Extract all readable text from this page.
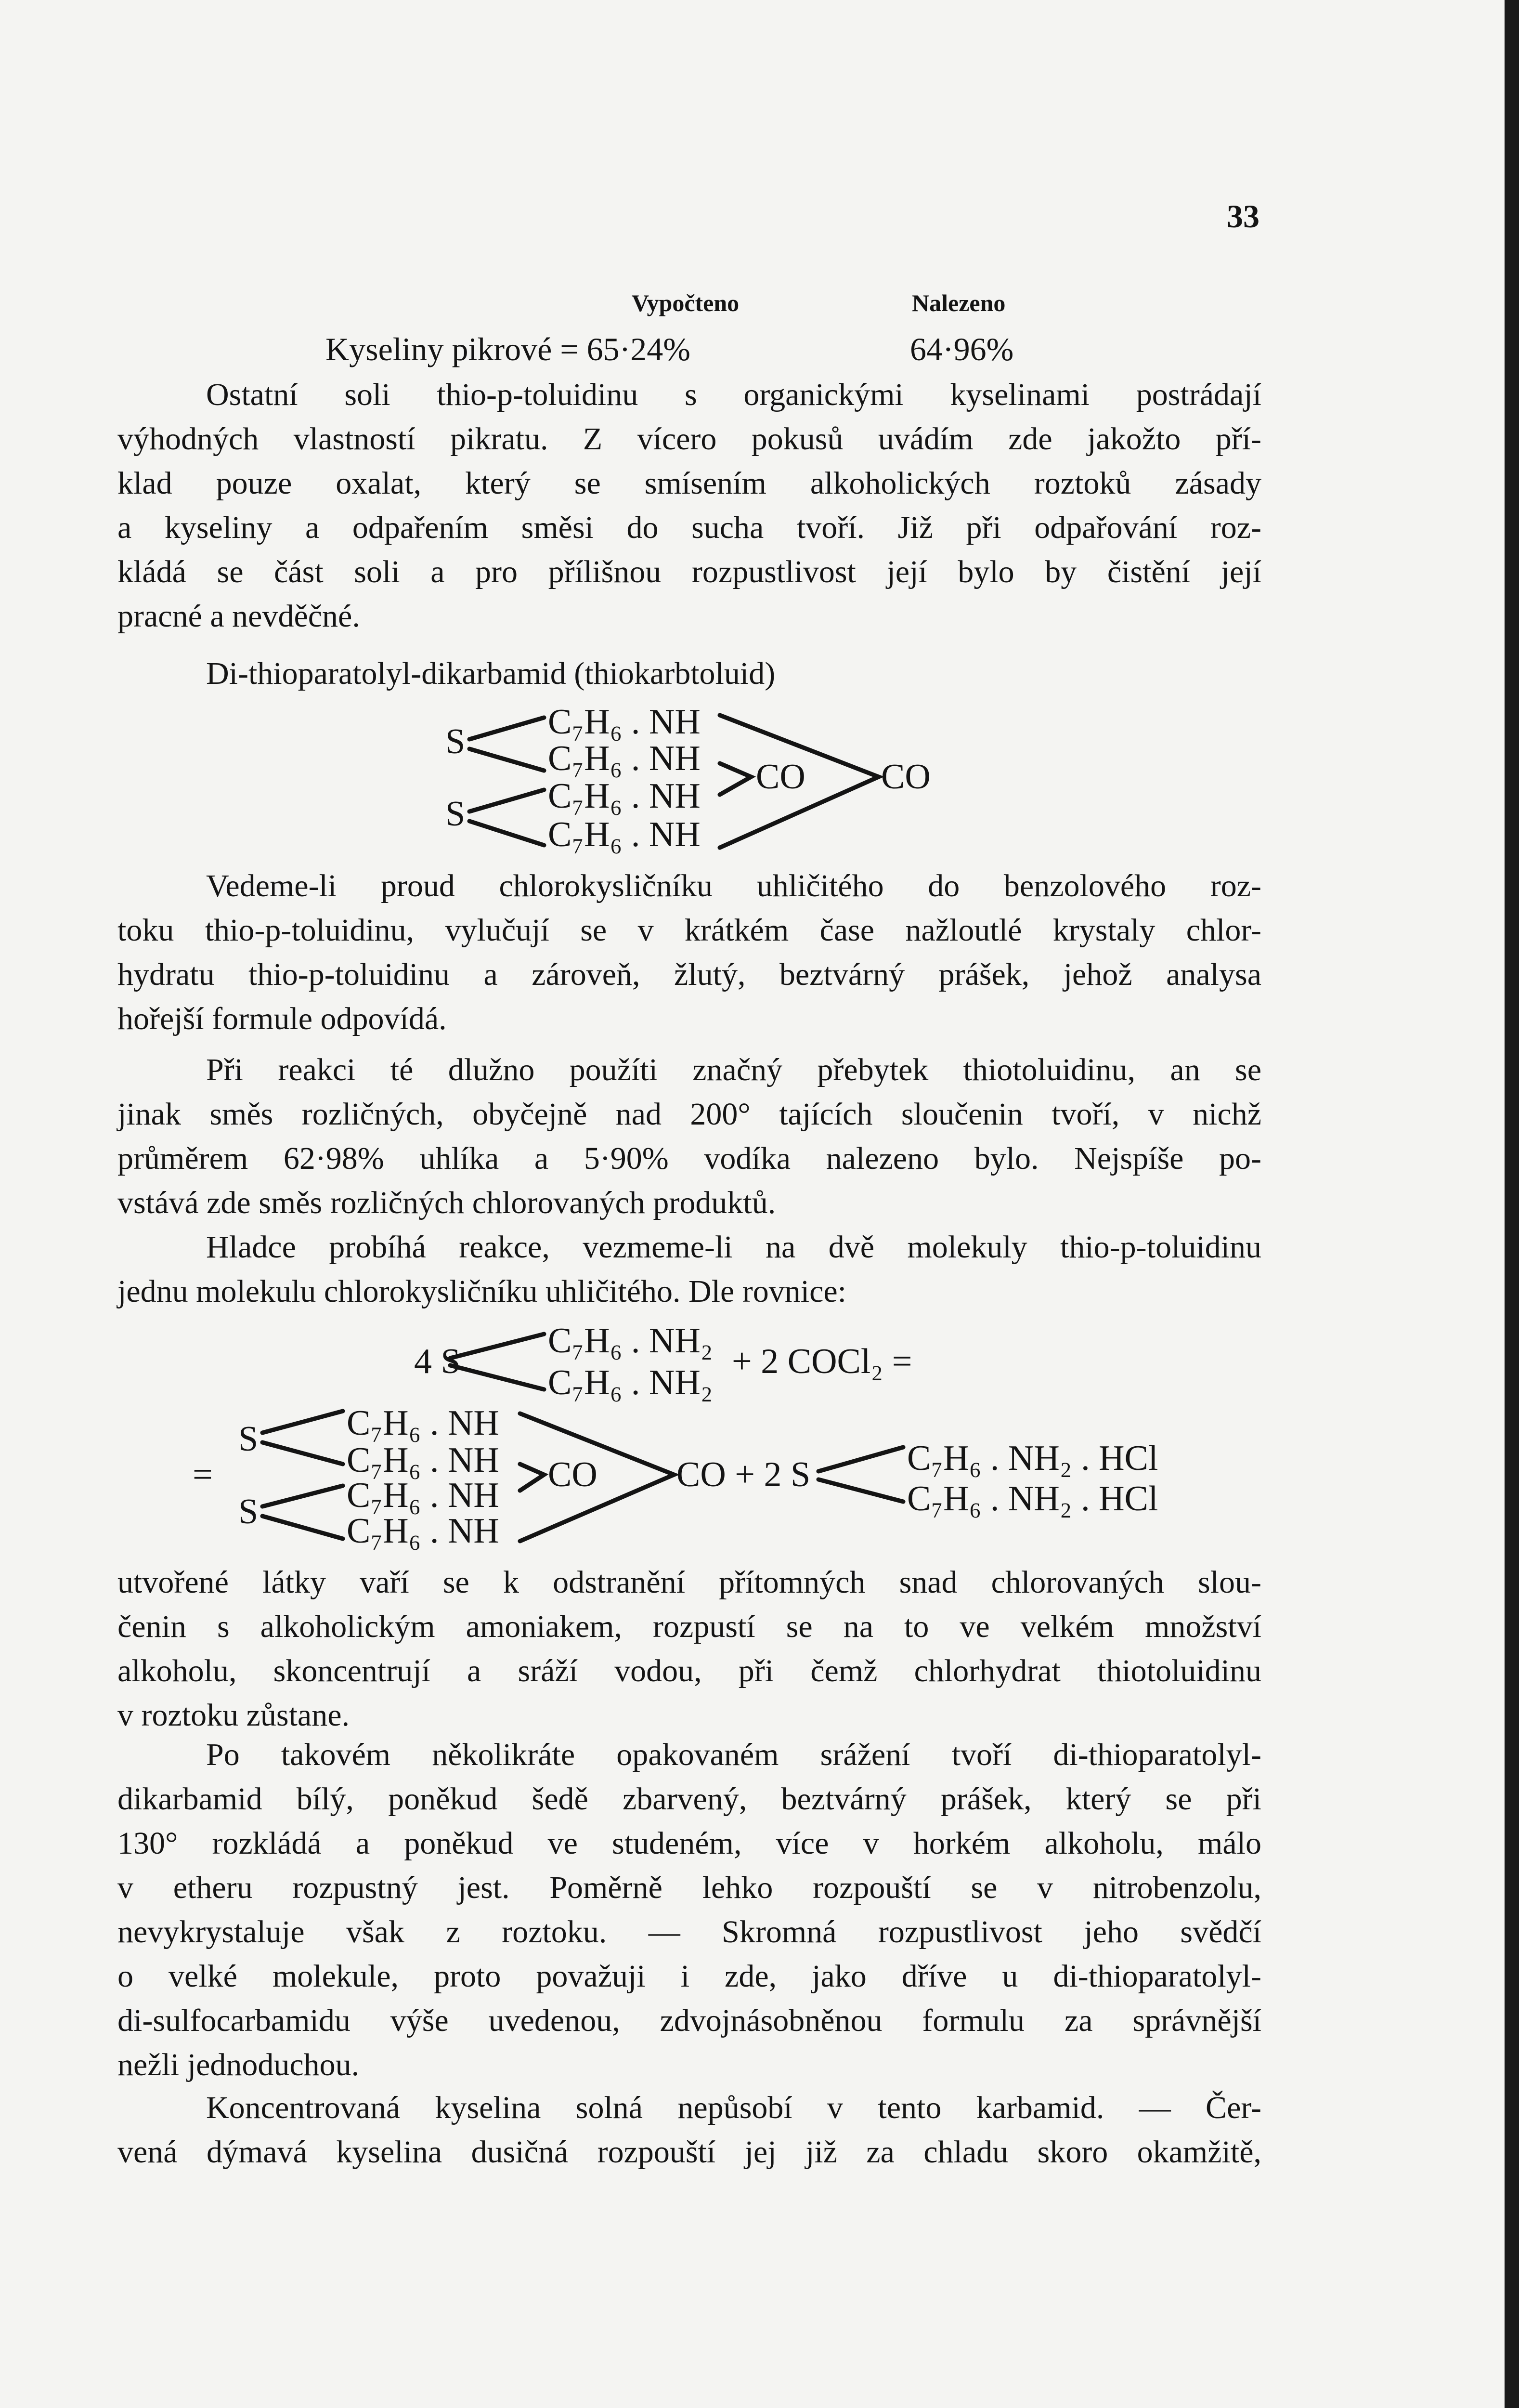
33
Vypočteno	Nalezeno
Kyseliny pikrové = 65·24%	64·96%
Ostatní soli thio-p-toluidinu s organickými kyselinami postrádají
výhodných vlastností pikratu. Z vícero pokusů uvádím zde jakožto pří-
klad pouze oxalat, který se smísením alkoholických roztoků zásady
a kyseliny a odpařením směsi do sucha tvoří. Již při odpařování roz-
kládá se část soli a pro přílišnou rozpustlivost její bylo by čistění její
pracné a nevděčné.
Di-thioparatolyl-dikarbamid (thiokarbtoluid)
Vedeme-li proud chlorokysličníku uhličitého do benzolového roz-
toku thio-p-toluidinu, vylučují se v krátkém čase nažloutlé krystaly chlor-
hydratu thio-p-toluidinu a zároveň, žlutý, beztvárný prášek, jehož analysa
hořejší formule odpovídá.
Při reakci té dlužno použíti značný přebytek thiotoluidinu, an se
jinak směs rozličných, obyčejně nad 200° tajících sloučenin tvoří, v nichž
průměrem 62·98% uhlíka a 5·90% vodíka nalezeno bylo. Nejspíše po-
vstává zde směs rozličných chlorovaných produktů.
Hladce probíhá reakce, vezmeme-li na dvě molekuly thio-p-toluidinu
jednu molekulu chlorokysličníku uhličitého. Dle rovnice:
utvořené látky vaří se k odstranění přítomných snad chlorovaných slou-
čenin s alkoholickým amoniakem, rozpustí se na to ve velkém množství
alkoholu, skoncentrují a sráží vodou, při čemž chlorhydrat thiotoluidinu
v roztoku zůstane.
Po takovém několikráte opakovaném srážení tvoří di-thioparatolyl-
dikarbamid bílý, poněkud šedě zbarvený, beztvárný prášek, který se při
130° rozkládá a poněkud ve studeném, více v horkém alkoholu, málo
v etheru rozpustný jest. Poměrně lehko rozpouští se v nitrobenzolu,
nevykrystaluje však z roztoku. — Skromná rozpustlivost jeho svědčí
o velké molekule, proto považuji i zde, jako dříve u di-thioparatolyl-
di-sulfocarbamidu výše uvedenou, zdvojnásobněnou formulu za správnější
nežli jednoduchou.
Koncentrovaná kyselina solná nepůsobí v tento karbamid. — Čer-
vená dýmavá kyselina dusičná rozpouští jej již za chladu skoro okamžitě,
S
S
C₇H₆ . NH
C₇H₆ . NH
C₇H₆ . NH
C₇H₆ . NH
CO CO
4 S
C₇H₆ . NH₂
C₇H₆ . NH₂
+ 2 COCl₂ =
=
S
S
C₇H₆ . NH
C₇H₆ . NH
C₇H₆ . NH
C₇H₆ . NH
CO CO + 2 S	C₇H₆ . NH₂ . HCl
C₇H₆ . NH₂ . HCl
